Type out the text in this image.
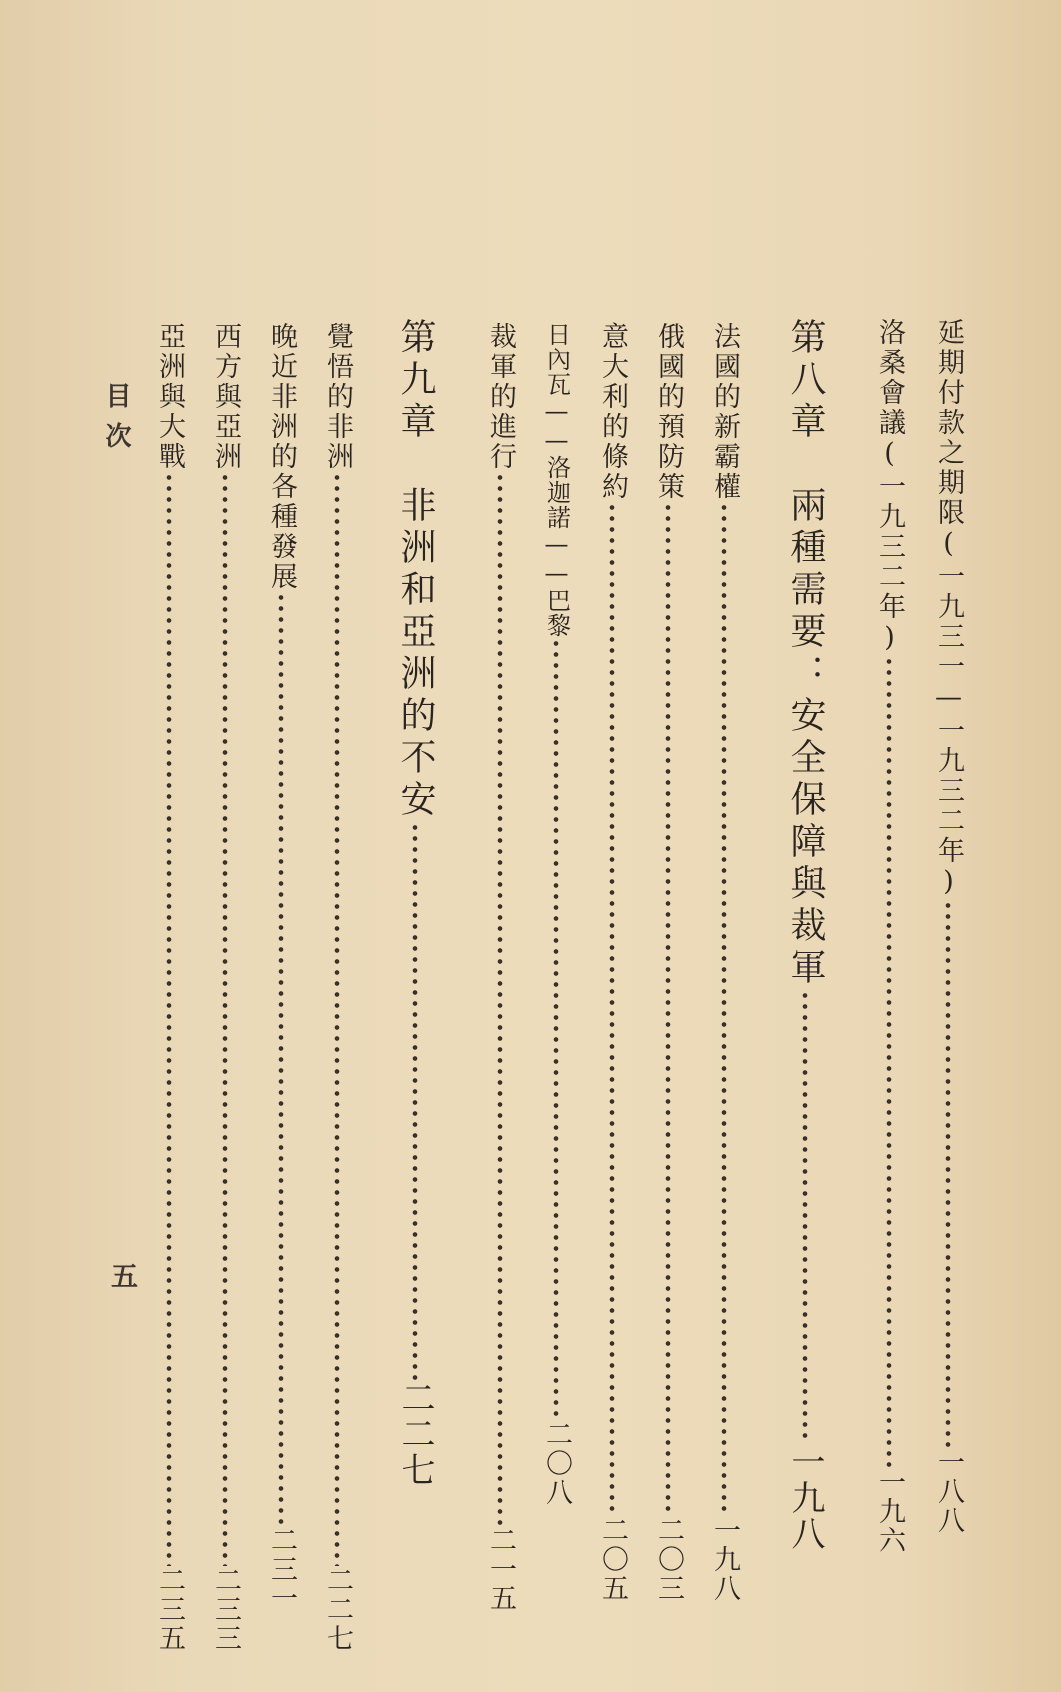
延期付款之期限(一九三一—一九三二年)
一八八
洛桑會議(一九三二年)
一九六
第八章　兩種需要：安全保障與裁軍
一九八
法國的新霸權
一九八
俄國的預防策
二〇三
意大利的條約
二〇五
日內瓦——洛迦諾——巴黎
二〇八
裁軍的進行
二一五
第九章　非洲和亞洲的不安
二二七
覺悟的非洲
二二七
晚近非洲的各種發展
二三一
西方與亞洲
二三三
亞洲與大戰
二三五
目次
五
